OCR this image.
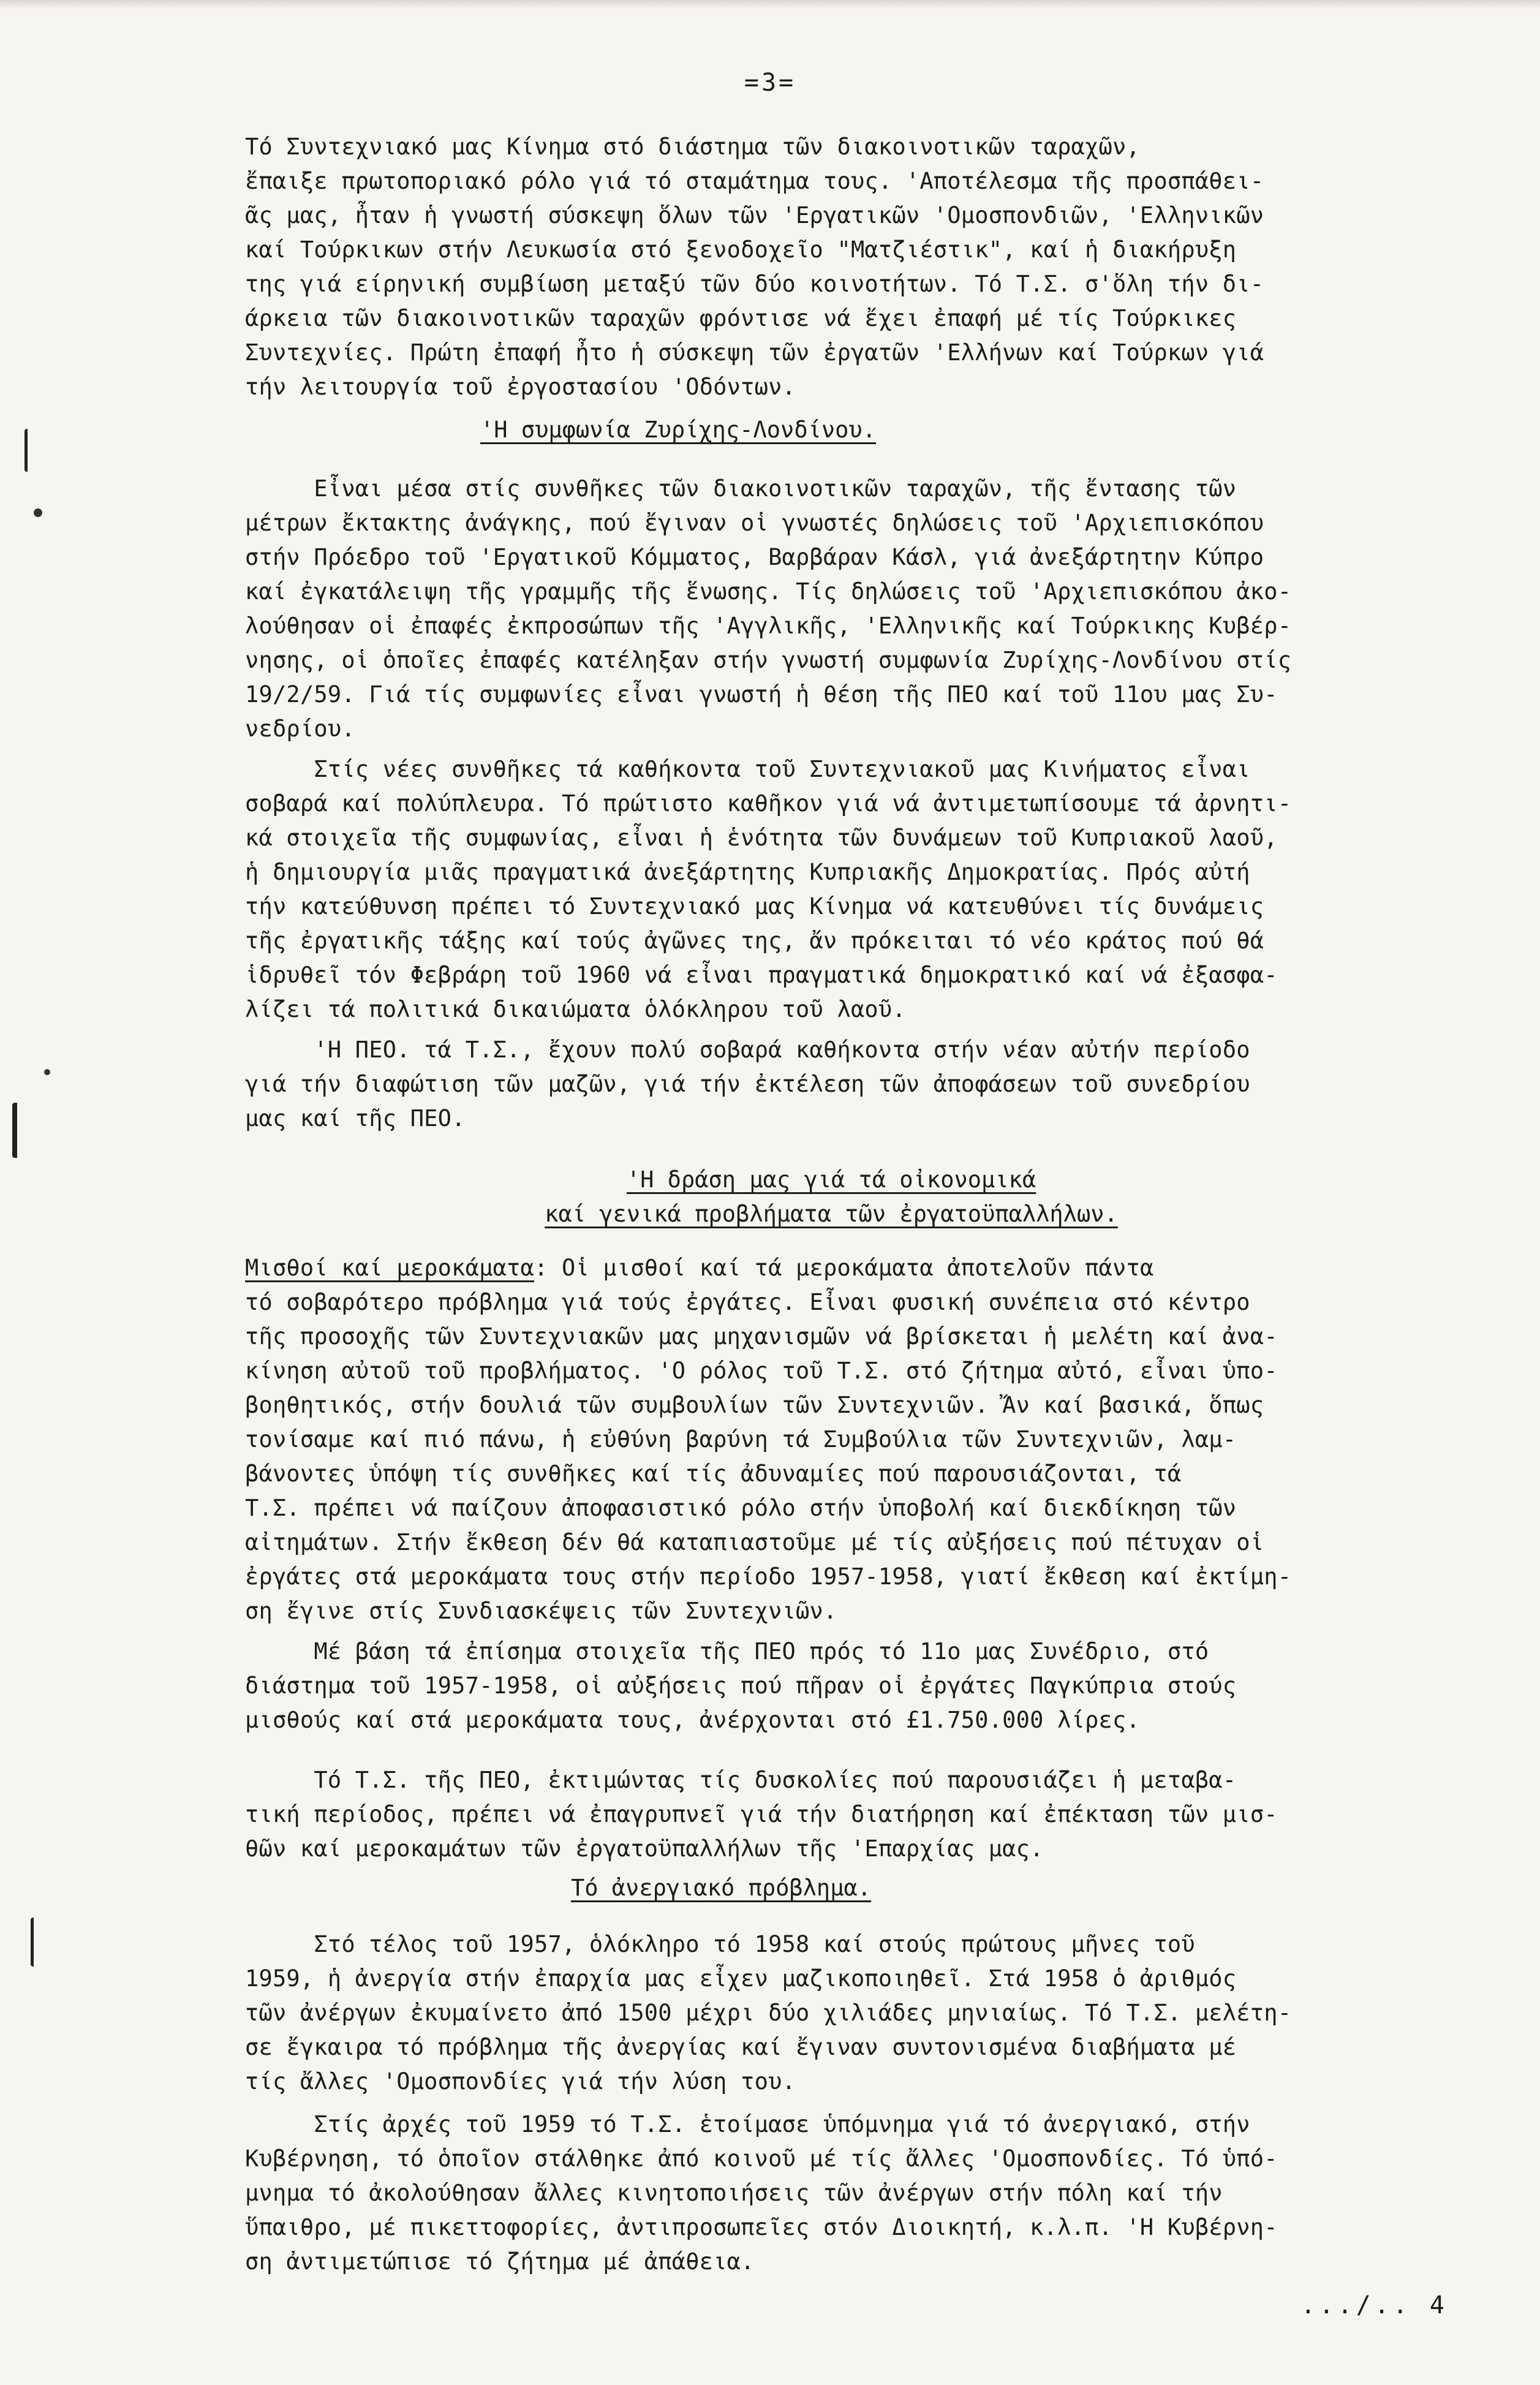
=3=
Τό Συντεχνιακό μας Κίνημα στό διάστημα τῶν διακοινοτικῶν ταραχῶν,
ἔπαιξε πρωτοποριακό ρόλο γιά τό σταμάτημα τους. 'Αποτέλεσμα τῆς προσπάθει-
ᾶς μας, ἦταν ἡ γνωστή σύσκεψη ὅλων τῶν 'Εργατικῶν 'Ομοσπονδιῶν, 'Ελληνικῶν
καί Τούρκικων στήν Λευκωσία στό ξενοδοχεῖο "Ματζιέστικ", καί ἡ διακήρυξη
της γιά είρηνική συμβίωση μεταξύ τῶν δύο κοινοτήτων. Τό Τ.Σ. σ'ὅλη τήν δι-
άρκεια τῶν διακοινοτικῶν ταραχῶν φρόντισε νά ἔχει ἐπαφή μέ τίς Τούρκικες
Συντεχνίες. Πρώτη ἐπαφή ἦτο ἡ σύσκεψη τῶν ἐργατῶν 'Ελλήνων καί Τούρκων γιά
τήν λειτουργία τοῦ ἐργοστασίου 'Οδόντων.
'Η συμφωνία Ζυρίχης-Λονδίνου.
Εἶναι μέσα στίς συνθῆκες τῶν διακοινοτικῶν ταραχῶν, τῆς ἔντασης τῶν
μέτρων ἔκτακτης ἀνάγκης, πού ἔγιναν οἱ γνωστές δηλώσεις τοῦ 'Αρχιεπισκόπου
στήν Πρόεδρο τοῦ 'Εργατικοῦ Κόμματος, Βαρβάραν Κάσλ, γιά ἀνεξάρτητην Κύπρο
καί ἐγκατάλειψη τῆς γραμμῆς τῆς ἕνωσης. Τίς δηλώσεις τοῦ 'Αρχιεπισκόπου ἀκο-
λούθησαν οἱ ἐπαφές ἐκπροσώπων τῆς 'Αγγλικῆς, 'Ελληνικῆς καί Τούρκικης Κυβέρ-
νησης, οἱ ὁποῖες ἐπαφές κατέληξαν στήν γνωστή συμφωνία Ζυρίχης-Λονδίνου στίς
19/2/59. Γιά τίς συμφωνίες εἶναι γνωστή ἡ θέση τῆς ΠΕΟ καί τοῦ 11ου μας Συ-
νεδρίου.
Στίς νέες συνθῆκες τά καθήκοντα τοῦ Συντεχνιακοῦ μας Κινήματος εἶναι
σοβαρά καί πολύπλευρα. Τό πρώτιστο καθῆκον γιά νά ἀντιμετωπίσουμε τά ἀρνητι-
κά στοιχεῖα τῆς συμφωνίας, εἶναι ἡ ἑνότητα τῶν δυνάμεων τοῦ Κυπριακοῦ λαοῦ,
ἡ δημιουργία μιᾶς πραγματικά ἀνεξάρτητης Κυπριακῆς Δημοκρατίας. Πρός αὐτή
τήν κατεύθυνση πρέπει τό Συντεχνιακό μας Κίνημα νά κατευθύνει τίς δυνάμεις
τῆς ἐργατικῆς τάξης καί τούς ἀγῶνες της, ἄν πρόκειται τό νέο κράτος πού θά
ἱδρυθεῖ τόν Φεβράρη τοῦ 1960 νά εἶναι πραγματικά δημοκρατικό καί νά ἐξασφα-
λίζει τά πολιτικά δικαιώματα ὁλόκληρου τοῦ λαοῦ.
'Η ΠΕΟ. τά Τ.Σ., ἔχουν πολύ σοβαρά καθήκοντα στήν νέαν αὐτήν περίοδο
γιά τήν διαφώτιση τῶν μαζῶν, γιά τήν ἐκτέλεση τῶν ἀποφάσεων τοῦ συνεδρίου
μας καί τῆς ΠΕΟ.
'Η δράση μας γιά τά οἰκονομικά
καί γενικά προβλήματα τῶν ἐργατοϋπαλλήλων.
Μισθοί καί μεροκάματα: Οἱ μισθοί καί τά μεροκάματα ἀποτελοῦν πάντα
τό σοβαρότερο πρόβλημα γιά τούς ἐργάτες. Εἶναι φυσική συνέπεια στό κέντρο
τῆς προσοχῆς τῶν Συντεχνιακῶν μας μηχανισμῶν νά βρίσκεται ἡ μελέτη καί ἀνα-
κίνηση αὐτοῦ τοῦ προβλήματος. 'Ο ρόλος τοῦ Τ.Σ. στό ζήτημα αὐτό, εἶναι ὑπο-
βοηθητικός, στήν δουλιά τῶν συμβουλίων τῶν Συντεχνιῶν. Ἄν καί βασικά, ὅπως
τονίσαμε καί πιό πάνω, ἡ εὐθύνη βαρύνη τά Συμβούλια τῶν Συντεχνιῶν, λαμ-
βάνοντες ὑπόψη τίς συνθῆκες καί τίς ἀδυναμίες πού παρουσιάζονται, τά
Τ.Σ. πρέπει νά παίζουν ἀποφασιστικό ρόλο στήν ὑποβολή καί διεκδίκηση τῶν
αἰτημάτων. Στήν ἔκθεση δέν θά καταπιαστοῦμε μέ τίς αὐξήσεις πού πέτυχαν οἱ
ἐργάτες στά μεροκάματα τους στήν περίοδο 1957-1958, γιατί ἔκθεση καί ἐκτίμη-
ση ἔγινε στίς Συνδιασκέψεις τῶν Συντεχνιῶν.
Μέ βάση τά ἐπίσημα στοιχεῖα τῆς ΠΕΟ πρός τό 11ο μας Συνέδριο, στό
διάστημα τοῦ 1957-1958, οἱ αὐξήσεις πού πῆραν οἱ ἐργάτες Παγκύπρια στούς
μισθούς καί στά μεροκάματα τους, ἀνέρχονται στό £1.750.000 λίρες.
Τό Τ.Σ. τῆς ΠΕΟ, ἐκτιμώντας τίς δυσκολίες πού παρουσιάζει ἡ μεταβα-
τική περίοδος, πρέπει νά ἐπαγρυπνεῖ γιά τήν διατήρηση καί ἐπέκταση τῶν μισ-
θῶν καί μεροκαμάτων τῶν ἐργατοϋπαλλήλων τῆς 'Επαρχίας μας.
Τό ἀνεργιακό πρόβλημα.
Στό τέλος τοῦ 1957, ὁλόκληρο τό 1958 καί στούς πρώτους μῆνες τοῦ
1959, ἡ ἀνεργία στήν ἐπαρχία μας εἶχεν μαζικοποιηθεῖ. Στά 1958 ὁ ἀριθμός
τῶν ἀνέργων ἐκυμαίνετο ἀπό 1500 μέχρι δύο χιλιάδες μηνιαίως. Τό Τ.Σ. μελέτη-
σε ἔγκαιρα τό πρόβλημα τῆς ἀνεργίας καί ἔγιναν συντονισμένα διαβήματα μέ
τίς ἄλλες 'Ομοσπονδίες γιά τήν λύση του.
Στίς ἀρχές τοῦ 1959 τό Τ.Σ. ἑτοίμασε ὑπόμνημα γιά τό ἀνεργιακό, στήν
Κυβέρνηση, τό ὁποῖον στάλθηκε ἀπό κοινοῦ μέ τίς ἄλλες 'Ομοσπονδίες. Τό ὑπό-
μνημα τό ἀκολούθησαν ἄλλες κινητοποιήσεις τῶν ἀνέργων στήν πόλη καί τήν
ὕπαιθρο, μέ πικεττοφορίες, ἀντιπροσωπεῖες στόν Διοικητή, κ.λ.π. 'Η Κυβέρνη-
ση ἀντιμετώπισε τό ζήτημα μέ ἀπάθεια.
.../.. 4
